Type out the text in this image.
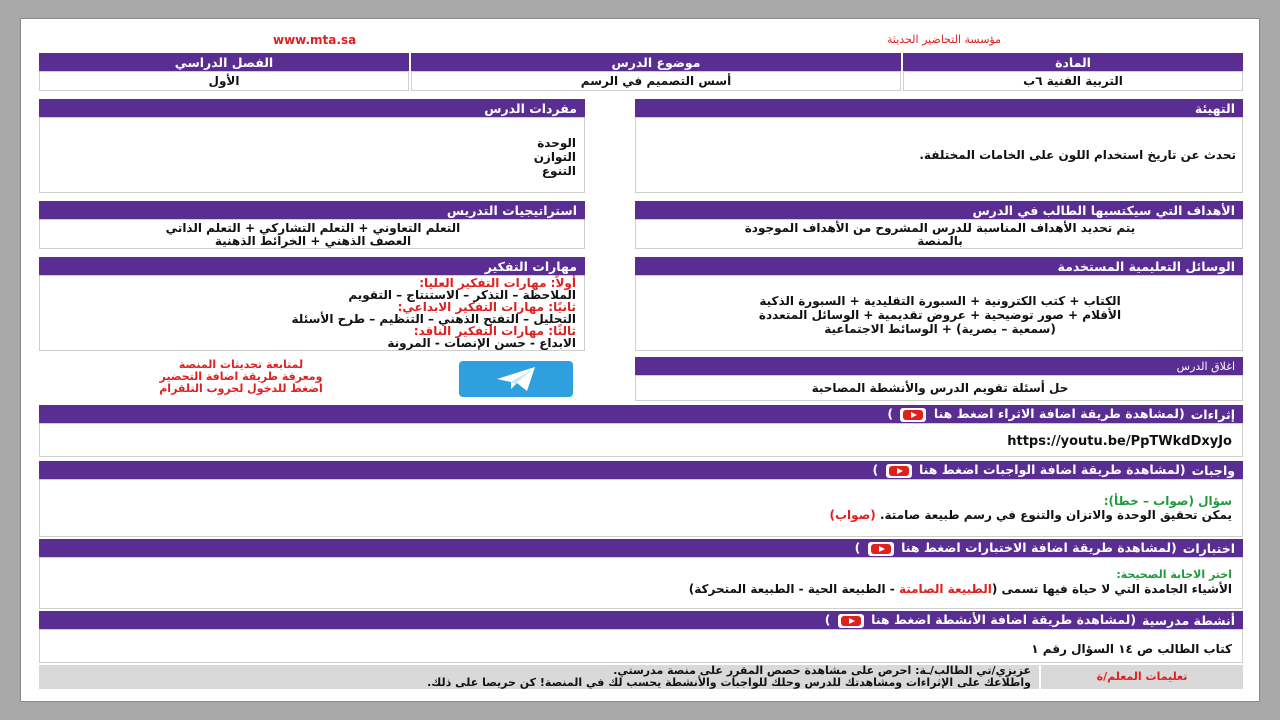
www.mta.sa	مؤسسة التحاضير الحديثة
المادة
موضوع الدرس
الفصل الدراسي
التربية الفنية ٦ب
أسس التصميم في الرسم
الأول
التهيئة
تحدث عن تاريخ استخدام اللون على الخامات المختلفة.
مفردات الدرس
الوحدة
التوازن
التنوع
الأهداف التي سيكتسبها الطالب في الدرس
يتم تحديد الأهداف المناسبة للدرس المشروح من الأهداف الموجودة
بالمنصة
استراتيجيات التدريس
التعلم التعاوني + التعلم التشاركي + التعلم الذاتي
العصف الذهني + الخرائط الذهنية
الوسائل التعليمية المستخدمة
الكتاب + كتب الكترونية + السبورة التقليدية + السبورة الذكية
الأقلام + صور توضيحية + عروض تقديمية + الوسائل المتعددة
(سمعية – بصرية) + الوسائط الاجتماعية
مهارات التفكير
أولاً: مهارات التفكير العليا:
الملاحظة – التذكر – الاستنتاج – التقويم
ثانيًا: مهارات التفكير الابداعي:
التحليل – التفتح الذهني – التنظيم – طرح الأسئلة
ثالثًا: مهارات التفكير الناقد:
الابداع - حسن الإنصات - المرونة
اغلاق الدرس
حل أسئلة تقويم الدرس والأنشطة المصاحبة
لمتابعة تحديثات المنصة
ومعرفة طريقة اضافة التحضير
اضغط للدخول لجروب التلقرام
إثراءات
(لمشاهدة طريقة اضافة الاثراء اضغط هنا  )
https://youtu.be/PpTWkdDxyJo
واجبات
(لمشاهدة طريقة اضافة الواجبات اضغط هنا  )
سؤال (صواب – خطأ):
يمكن تحقيق الوحدة والاتزان والتنوع في رسم طبيعة صامتة. (صواب)
اختبارات
(لمشاهدة طريقة اضافة الاختبارات اضغط هنا  )
اختر الاجابة الصحيحة:
الأشياء الجامدة التي لا حياة فيها تسمى (الطبيعة الصامتة - الطبيعة الحية - الطبيعة المتحركة)
أنشطة مدرسية
(لمشاهدة طريقة اضافة الأنشطة اضغط هنا  )
كتاب الطالب ص ١٤ السؤال رقم ١
عزيزي/تي الطالب/ـة: احرص على مشاهدة حصص المقرر على منصة مدرستي.
واطلاعك على الإثراءات ومشاهدتك للدرس وحلك للواجبات والأنشطة يحسب لك في المنصة! كن حريصا على ذلك.	تعليمات المعلم/ة
